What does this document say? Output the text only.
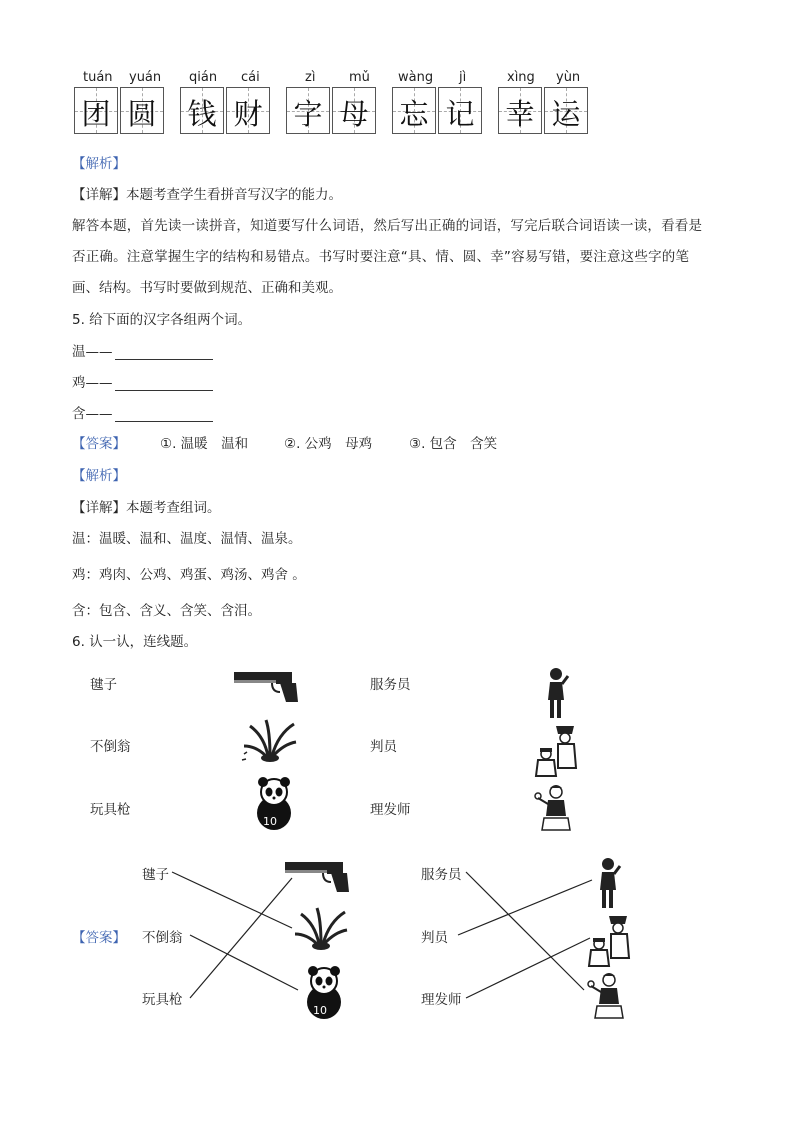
tuán yuán qián cái	zì	mǔ wàng jì	xìng yùn
团 圆 钱 财 字 母 忘 记 幸 运
【解析】
【详解】本题考查学生看拼音写汉字的能力。
解答本题，首先读一读拼音，知道要写什么词语，然后写出正确的词语，写完后联合词语读一读，看看是
否正确。注意掌握生字的结构和易错点。书写时要注意“具、情、圆、幸”容易写错，要注意这些字的笔
画、结构。书写时要做到规范、正确和美观。
5. 给下面的汉字各组两个词。
温——
鸡——
含——
【答案】	①. 温暖　温和	②. 公鸡　母鸡	③. 包含　含笑
【解析】
【详解】本题考查组词。
温：温暖、温和、温度、温情、温泉。
鸡：鸡肉、公鸡、鸡蛋、鸡汤、鸡舍 。
含：包含、含义、含笑、含泪。
6. 认一认，连线题。
毽子
不倒翁
玩具枪
服务员
判员
理发师
10
【答案】
毽子
不倒翁
玩具枪
服务员
判员
理发师
10
